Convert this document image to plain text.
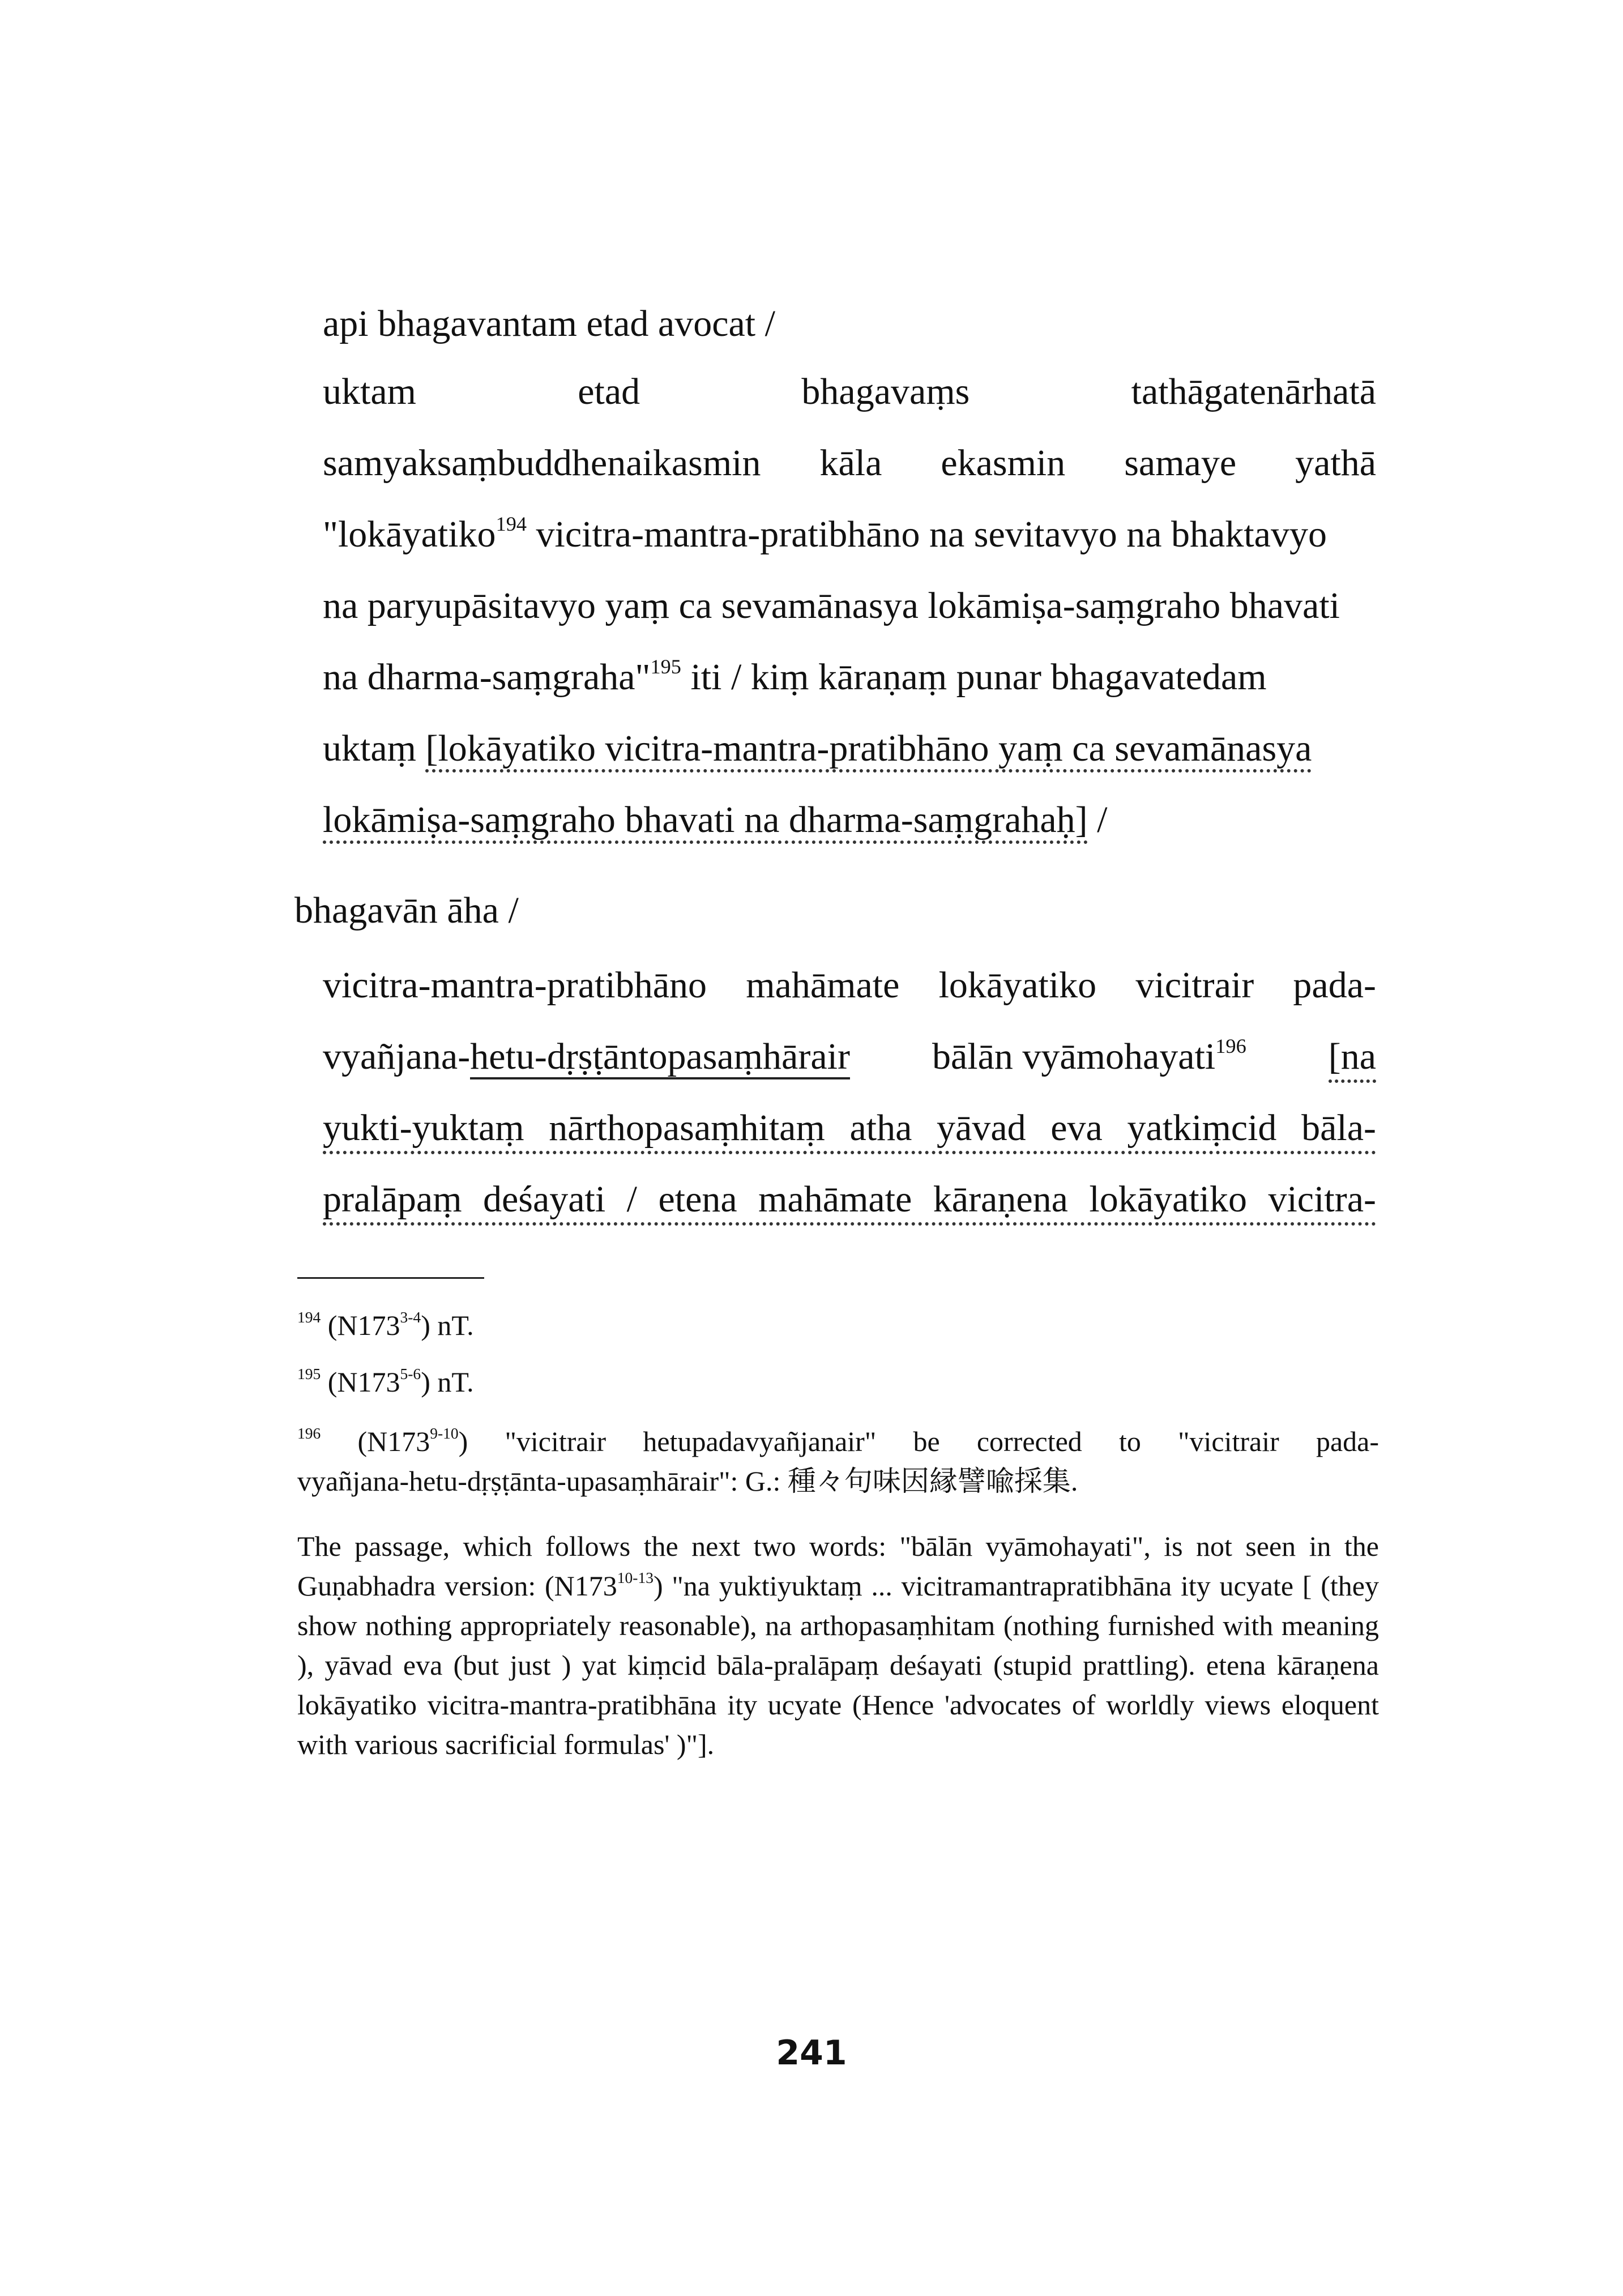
api bhagavantam etad avocat /
uktam etad bhagavaṃs tathāgatenārhatā
samyaksaṃbuddhenaikasmin kāla ekasmin samaye yathā
"lokāyatiko$^{194}$ vicitra-mantra-pratibhāno na sevitavyo na bhaktavyo
na paryupāsitavyo yaṃ ca sevamānasya lokāmiṣa-saṃgraho bhavati
na dharma-saṃgraha"$^{195}$ iti / kiṃ kāraṇaṃ punar bhagavatedam
uktaṃ [lokāyatiko vicitra-mantra-pratibhāno yaṃ ca sevamānasya
lokāmiṣa-saṃgraho bhavati na dharma-saṃgrahaḥ] /
bhagavān āha /
vicitra-mantra-pratibhāno mahāmate lokāyatiko vicitrair pada-
vyañjana-hetu-dṛṣṭāntopasaṃhārair bālān vyāmohayati$^{196}$ [na
yukti-yuktaṃ nārthopasaṃhitaṃ atha yāvad eva yatkiṃcid bāla-
pralāpaṃ deśayati / etena mahāmate kāraṇena lokāyatiko vicitra-
$^{194}$ (N173$^{3-4}$) nT.
$^{195}$ (N173$^{5-6}$) nT.
$^{196}$ (N173$^{9-10}$) "vicitrair hetupadavyañjanair" be corrected to "vicitrair pada-
vyañjana-hetu-dṛṣṭānta-upasaṃhārair": G.: 種々句味因縁譬喩採集.
The passage, which follows the next two words: "bālān vyāmohayati", is not seen in the Guṇabhadra version: (N173$^{10-13}$) "na yuktiyuktaṃ ... vicitramantrapratibhāna ity ucyate [ (they show nothing appropriately reasonable), na arthopasaṃhitam (nothing furnished with meaning ), yāvad eva (but just ) yat kiṃcid bāla-pralāpaṃ deśayati (stupid prattling). etena kāraṇena lokāyatiko vicitra-mantra-pratibhāna ity ucyate (Hence 'advocates of worldly views eloquent with various sacrificial formulas' )"].
241
